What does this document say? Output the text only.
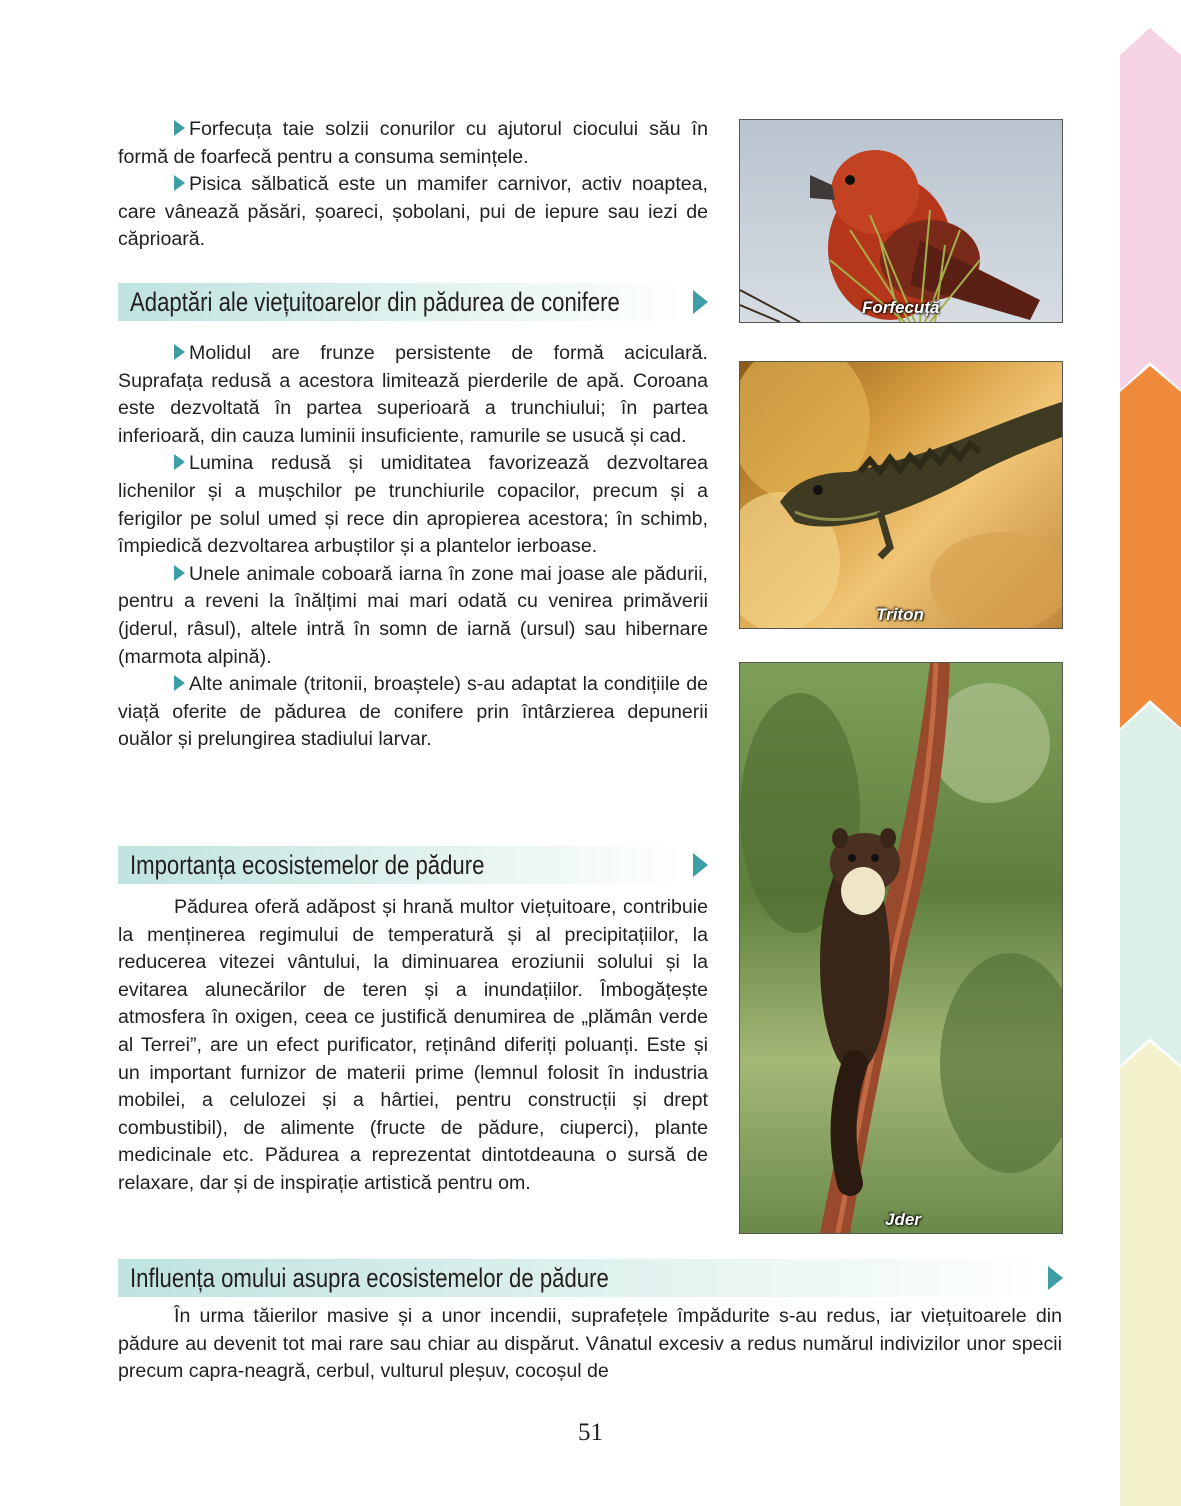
Forfecuța taie solzii conurilor cu ajutorul ciocului său în formă de foarfecă pentru a consuma semințele.

Pisica sălbatică este un mamifer carnivor, activ noaptea, care vânează păsări, șoareci, șobolani, pui de iepure sau iezi de căprioară.

Adaptări ale viețuitoarelor din pădurea de conifere

Molidul are frunze persistente de formă aciculară. Suprafața redusă a acestora limitează pierderile de apă. Coroana este dezvoltată în partea superioară a trunchiului; în partea inferioară, din cauza luminii insuficiente, ramurile se usucă și cad.

Lumina redusă și umiditatea favorizează dezvoltarea lichenilor și a mușchilor pe trunchiurile copacilor, precum și a ferigilor pe solul umed și rece din apropierea acestora; în schimb, împiedică dezvoltarea arbuștilor și a plantelor ierboase.

Unele animale coboară iarna în zone mai joase ale pădurii, pentru a reveni la înălțimi mai mari odată cu venirea primăverii (jderul, râsul), altele intră în somn de iarnă (ursul) sau hibernare (marmota alpină).

Alte animale (tritonii, broaștele) s-au adaptat la condițiile de viață oferite de pădurea de conifere prin întârzierea depunerii ouălor și prelungirea stadiului larvar.

Importanța ecosistemelor de pădure

Pădurea oferă adăpost și hrană multor viețuitoare, contribuie la menținerea regimului de temperatură și al precipitațiilor, la reducerea vitezei vântului, la diminuarea eroziunii solului și la evitarea alunecărilor de teren și a inundațiilor. Îmbogățește atmosfera în oxigen, ceea ce justifică denumirea de „plămân verde al Terrei”, are un efect purificator, reținând diferiți poluanți. Este și un important furnizor de materii prime (lemnul folosit în industria mobilei, a celulozei și a hârtiei, pentru construcții și drept combustibil), de alimente (fructe de pădure, ciuperci), plante medicinale etc. Pădurea a reprezentat dintotdeauna o sursă de relaxare, dar și de inspirație artistică pentru om.

Influența omului asupra ecosistemelor de pădure

În urma tăierilor masive și a unor incendii, suprafețele împădurite s-au redus, iar viețuitoarele din pădure au devenit tot mai rare sau chiar au dispărut. Vânatul excesiv a redus numărul indivizilor unor specii precum capra-neagră, cerbul, vulturul pleșuv, cocoșul de

Forfecuță
Triton
Jder
51
